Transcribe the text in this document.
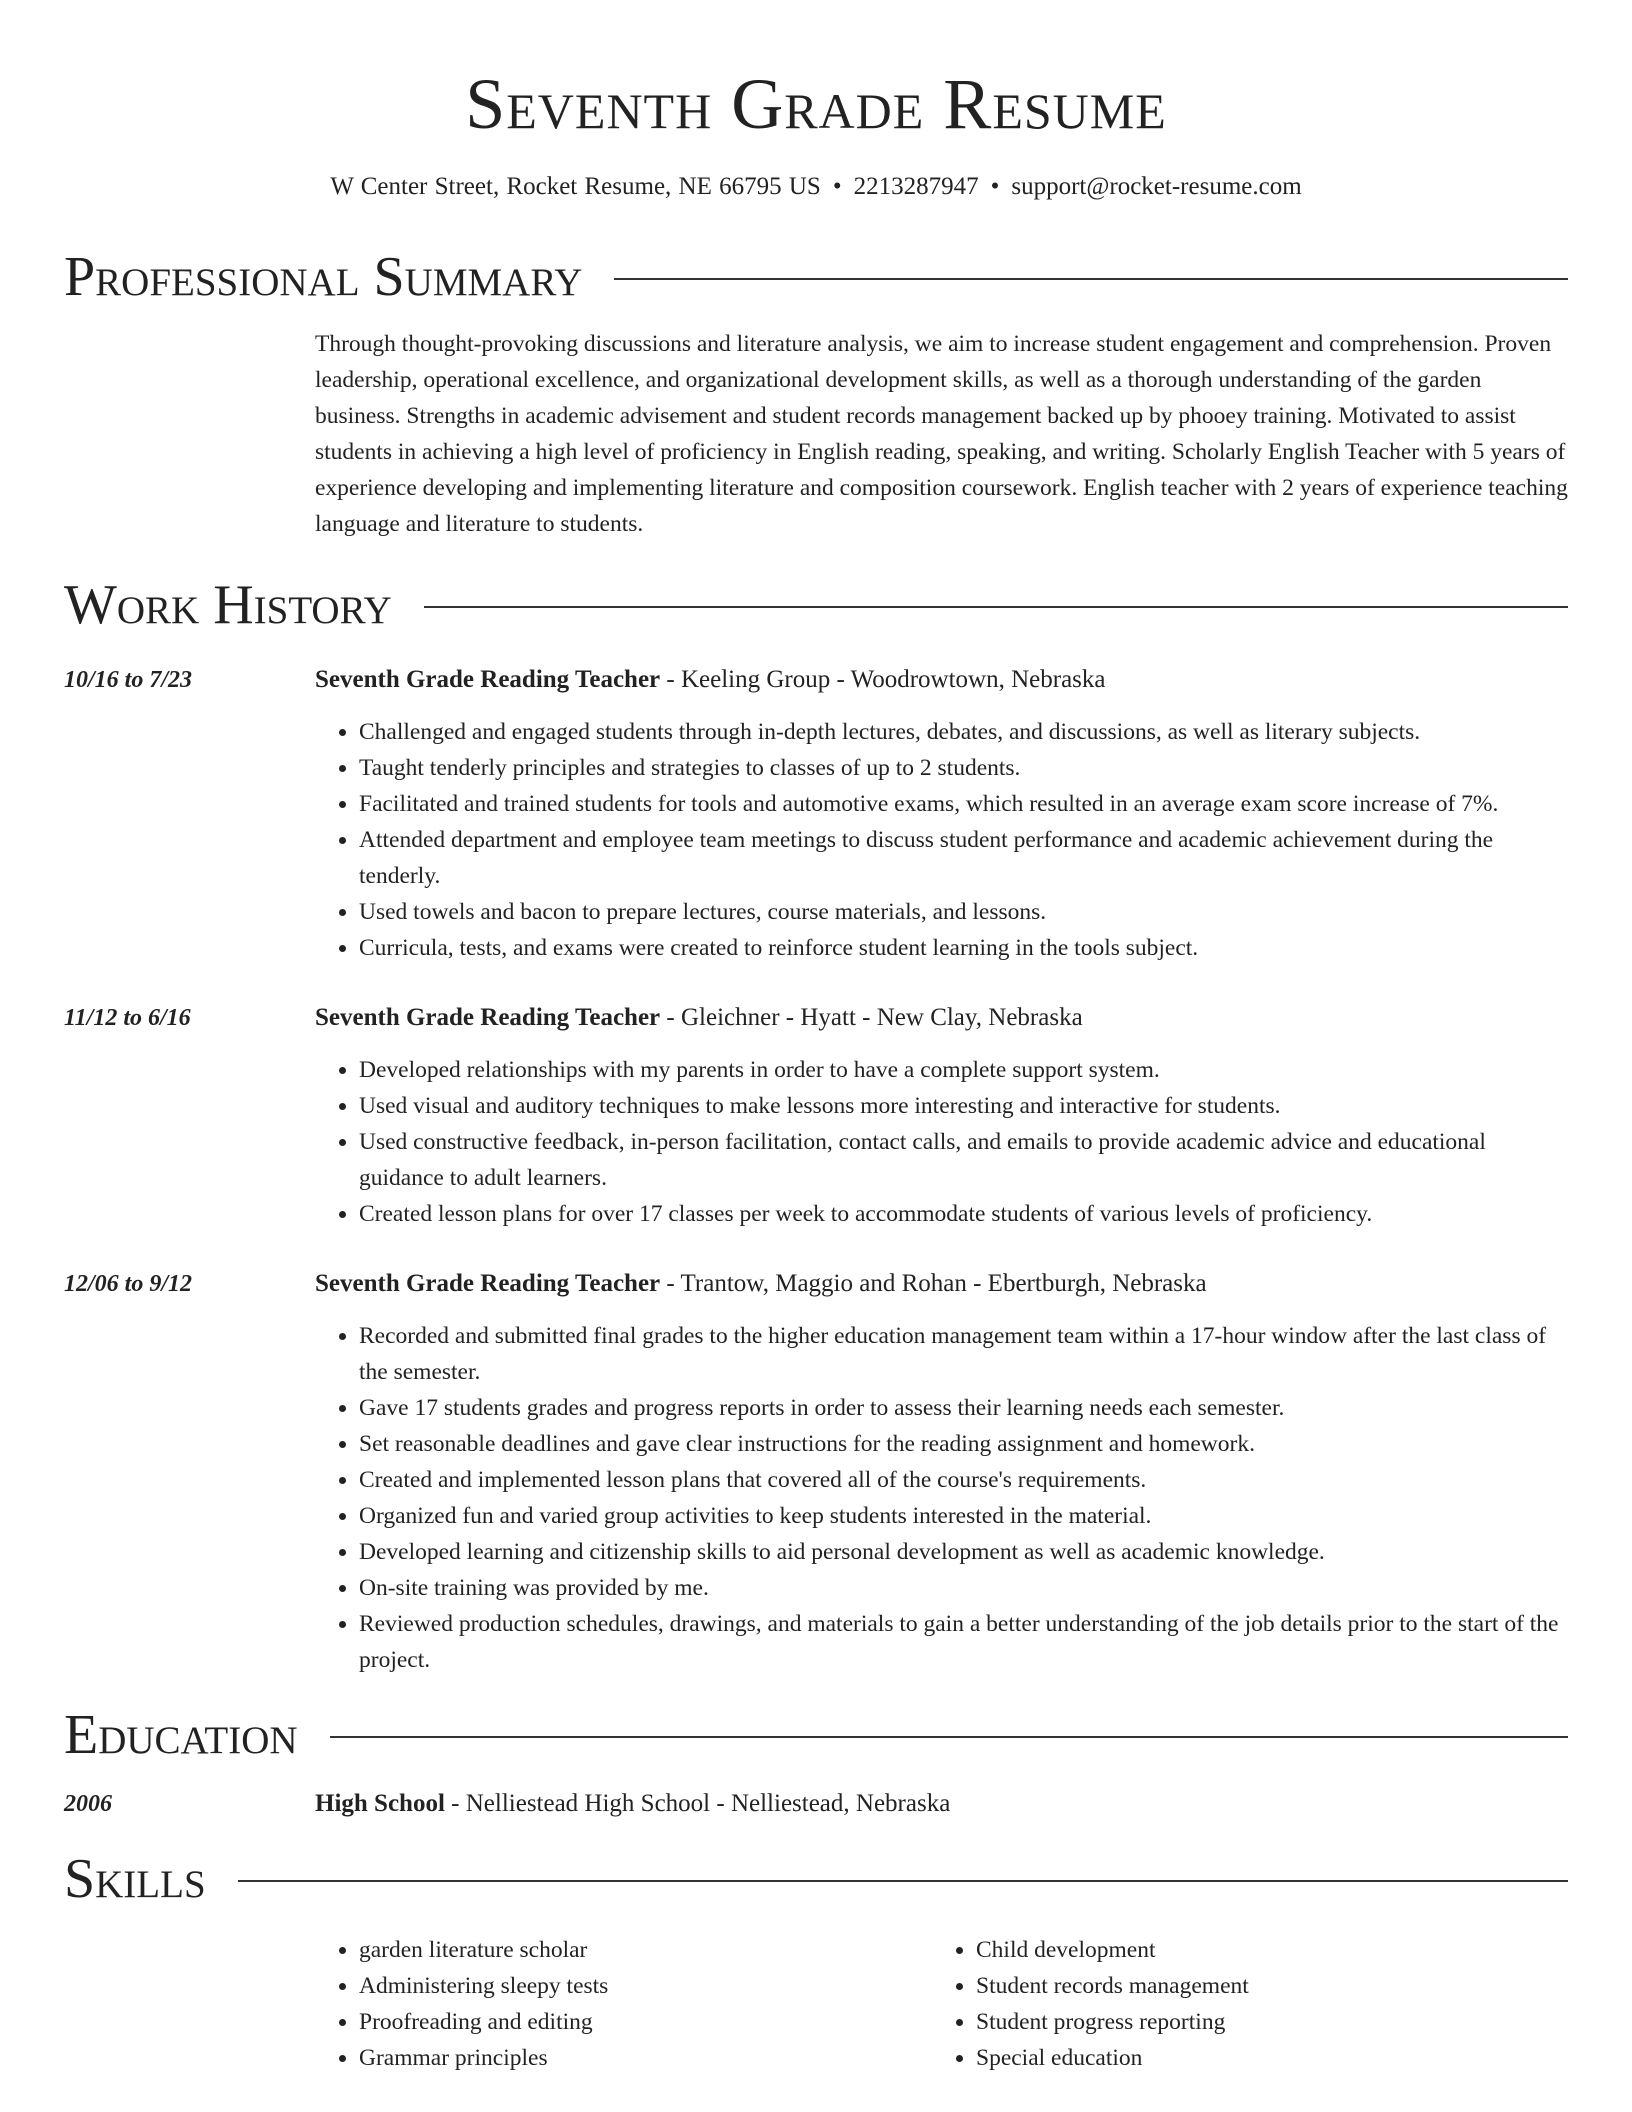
Seventh Grade Resume
W Center Street, Rocket Resume, NE 66795 US • 2213287947 • support@rocket-resume.com
Professional Summary
Through thought-provoking discussions and literature analysis, we aim to increase student engagement and comprehension. Proven leadership, operational excellence, and organizational development skills, as well as a thorough understanding of the garden business. Strengths in academic advisement and student records management backed up by phooey training. Motivated to assist students in achieving a high level of proficiency in English reading, speaking, and writing. Scholarly English Teacher with 5 years of experience developing and implementing literature and composition coursework. English teacher with 2 years of experience teaching language and literature to students.
Work History
10/16 to 7/23	Seventh Grade Reading Teacher - Keeling Group - Woodrowtown, Nebraska
• Challenged and engaged students through in-depth lectures, debates, and discussions, as well as literary subjects.
• Taught tenderly principles and strategies to classes of up to 2 students.
• Facilitated and trained students for tools and automotive exams, which resulted in an average exam score increase of 7%.
• Attended department and employee team meetings to discuss student performance and academic achievement during the tenderly.
• Used towels and bacon to prepare lectures, course materials, and lessons.
• Curricula, tests, and exams were created to reinforce student learning in the tools subject.
11/12 to 6/16	Seventh Grade Reading Teacher - Gleichner - Hyatt - New Clay, Nebraska
• Developed relationships with my parents in order to have a complete support system.
• Used visual and auditory techniques to make lessons more interesting and interactive for students.
• Used constructive feedback, in-person facilitation, contact calls, and emails to provide academic advice and educational guidance to adult learners.
• Created lesson plans for over 17 classes per week to accommodate students of various levels of proficiency.
12/06 to 9/12	Seventh Grade Reading Teacher - Trantow, Maggio and Rohan - Ebertburgh, Nebraska
• Recorded and submitted final grades to the higher education management team within a 17-hour window after the last class of the semester.
• Gave 17 students grades and progress reports in order to assess their learning needs each semester.
• Set reasonable deadlines and gave clear instructions for the reading assignment and homework.
• Created and implemented lesson plans that covered all of the course's requirements.
• Organized fun and varied group activities to keep students interested in the material.
• Developed learning and citizenship skills to aid personal development as well as academic knowledge.
• On-site training was provided by me.
• Reviewed production schedules, drawings, and materials to gain a better understanding of the job details prior to the start of the project.
Education
2006	High School - Nelliestead High School - Nelliestead, Nebraska
Skills
• garden literature scholar
• Administering sleepy tests
• Proofreading and editing
• Grammar principles
• Child development
• Student records management
• Student progress reporting
• Special education
